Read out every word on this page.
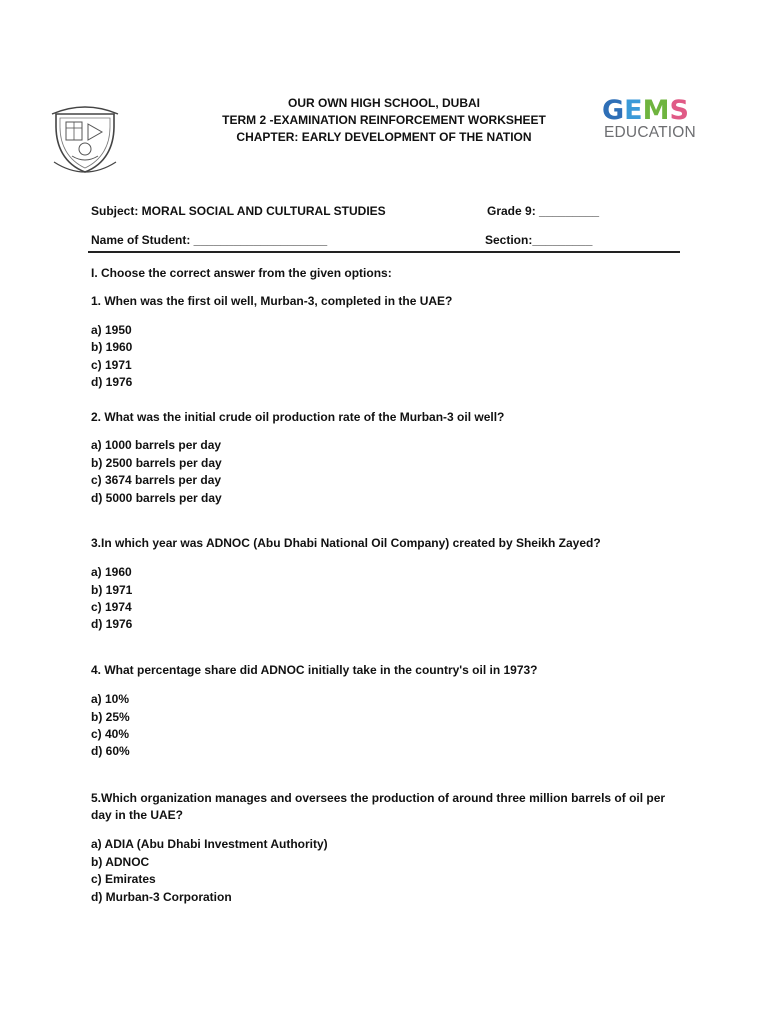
OUR OWN HIGH SCHOOL, DUBAI
TERM 2 -EXAMINATION REINFORCEMENT WORKSHEET
CHAPTER: EARLY DEVELOPMENT OF THE NATION
GEMS
EDUCATION
Subject: MORAL SOCIAL AND CULTURAL STUDIES	Grade 9: _________
Name of Student: ____________________	Section:_________
I. Choose the correct answer from the given options:
1. When was the first oil well, Murban-3, completed in the UAE?
a) 1950
b) 1960
c) 1971
d) 1976
2. What was the initial crude oil production rate of the Murban-3 oil well?
a) 1000 barrels per day
b) 2500 barrels per day
c) 3674 barrels per day
d) 5000 barrels per day
3.In which year was ADNOC (Abu Dhabi National Oil Company) created by Sheikh Zayed?
a) 1960
b) 1971
c) 1974
d) 1976
4. What percentage share did ADNOC initially take in the country's oil in 1973?
a) 10%
b) 25%
c) 40%
d) 60%
5.Which organization manages and oversees the production of around three million barrels of oil per
day in the UAE?
a) ADIA (Abu Dhabi Investment Authority)
b) ADNOC
c) Emirates
d) Murban-3 Corporation
